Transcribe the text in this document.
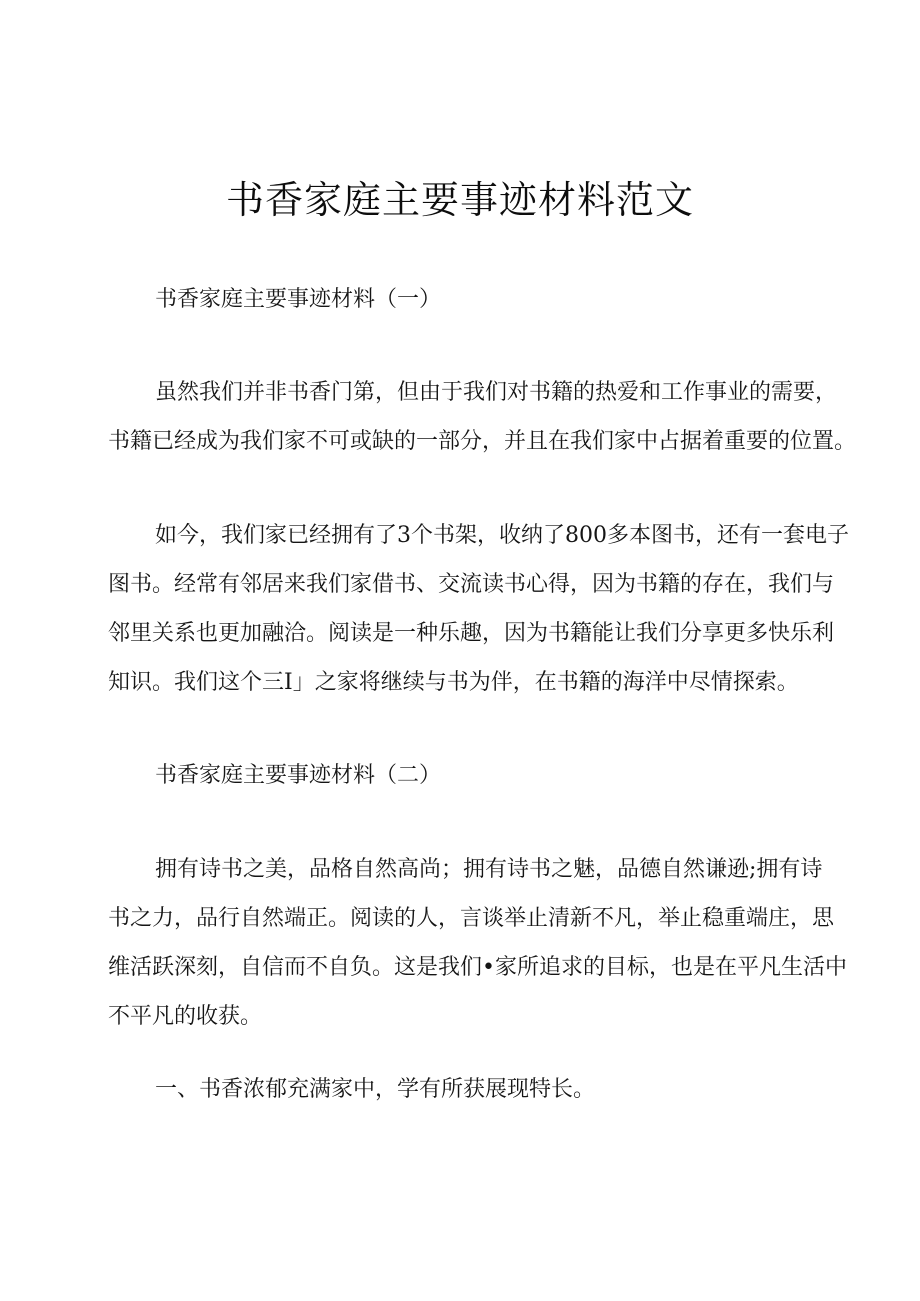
书香家庭主要事迹材料范文
书香家庭主要事迹材料（一）
虽然我们并非书香门第，但由于我们对书籍的热爱和工作事业的需要，
书籍已经成为我们家不可或缺的一部分，并且在我们家中占据着重要的位置。
如今，我们家已经拥有了3个书架，收纳了800多本图书，还有一套电子
图书。经常有邻居来我们家借书、交流读书心得，因为书籍的存在，我们与
邻里关系也更加融洽。阅读是一种乐趣，因为书籍能让我们分享更多快乐利
知识。我们这个三I」之家将继续与书为伴，在书籍的海洋中尽情探索。
书香家庭主要事迹材料（二）
拥有诗书之美，品格自然高尚；拥有诗书之魅，品德自然谦逊;拥有诗
书之力，品行自然端正。阅读的人，言谈举止清新不凡，举止稳重端庄，思
维活跃深刻，自信而不自负。这是我们•家所追求的目标，也是在平凡生活中
不平凡的收获。
一、书香浓郁充满家中，学有所获展现特长。
